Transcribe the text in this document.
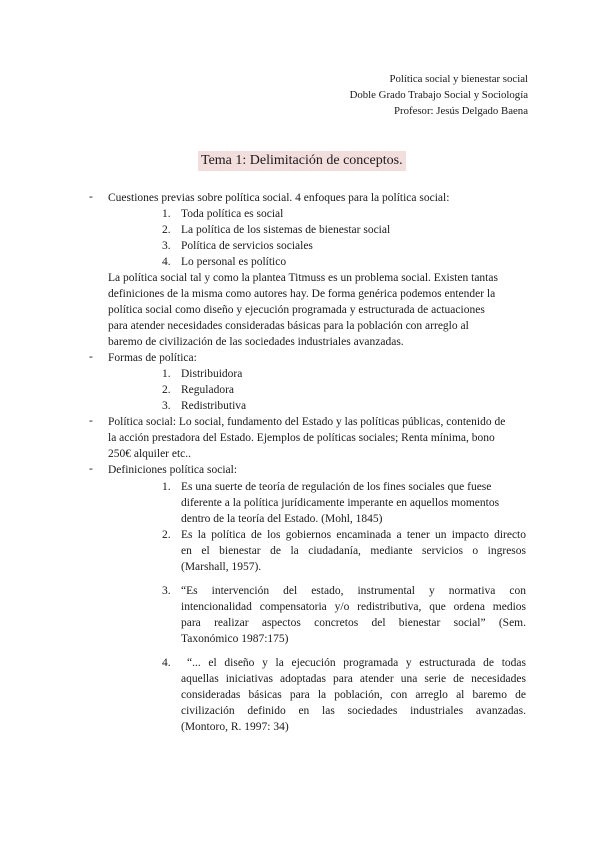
Política social y bienestar social
Doble Grado Trabajo Social y Sociología
Profesor: Jesús Delgado Baena
Tema 1: Delimitación de conceptos.
- Cuestiones previas sobre política social. 4 enfoques para la política social:
1. Toda política es social
2. La política de los sistemas de bienestar social
3. Política de servicios sociales
4. Lo personal es político
La política social tal y como la plantea Titmuss es un problema social. Existen tantas
definiciones de la misma como autores hay. De forma genérica podemos entender la
política social como diseño y ejecución programada y estructurada de actuaciones
para atender necesidades consideradas básicas para la población con arreglo al
baremo de civilización de las sociedades industriales avanzadas.
- Formas de política:
1. Distribuidora
2. Reguladora
3. Redistributiva
- Política social: Lo social, fundamento del Estado y las políticas públicas, contenido de
la acción prestadora del Estado. Ejemplos de políticas sociales; Renta mínima, bono
250€ alquiler etc..
- Definiciones política social:
1. Es una suerte de teoría de regulación de los fines sociales que fuese
diferente a la política jurídicamente imperante en aquellos momentos
dentro de la teoría del Estado. (Mohl, 1845)
2. Es la política de los gobiernos encaminada a tener un impacto directo
en el bienestar de la ciudadanía, mediante servicios o ingresos
(Marshall, 1957).
3. “Es intervención del estado, instrumental y normativa con
intencionalidad compensatoria y/o redistributiva, que ordena medios
para realizar aspectos concretos del bienestar social” (Sem.
Taxonómico 1987:175)
4.	“... el diseño y la ejecución programada y estructurada de todas
aquellas iniciativas adoptadas para atender una serie de necesidades
consideradas básicas para la población, con arreglo al baremo de
civilización definido en las sociedades industriales avanzadas.
(Montoro, R. 1997: 34)
